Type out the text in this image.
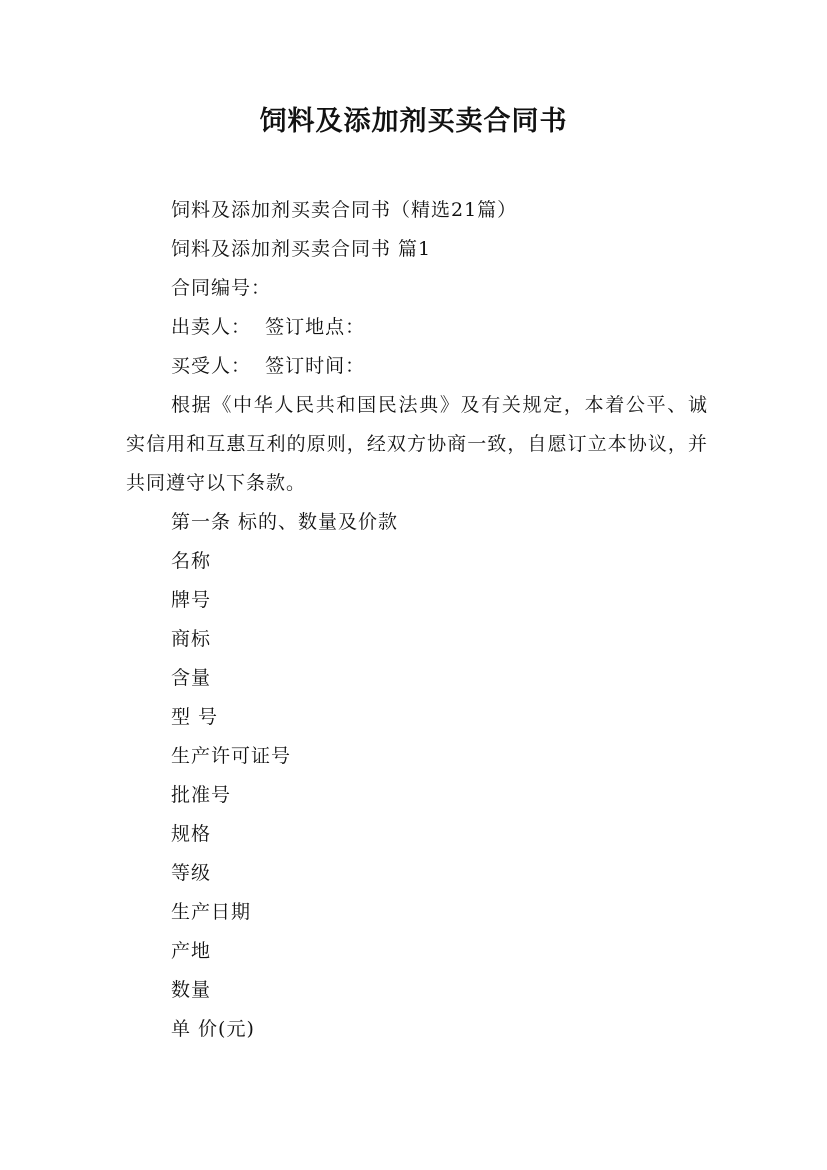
饲料及添加剂买卖合同书

饲料及添加剂买卖合同书（精选21篇）

饲料及添加剂买卖合同书 篇1

合同编号：

出卖人：  签订地点：

买受人：  签订时间：

根据《中华人民共和国民法典》及有关规定，本着公平、诚实信用和互惠互利的原则，经双方协商一致，自愿订立本协议，并共同遵守以下条款。

第一条 标的、数量及价款

名称

牌号

商标

含量

型 号

生产许可证号

批准号

规格

等级

生产日期

产地

数量

单 价(元)
